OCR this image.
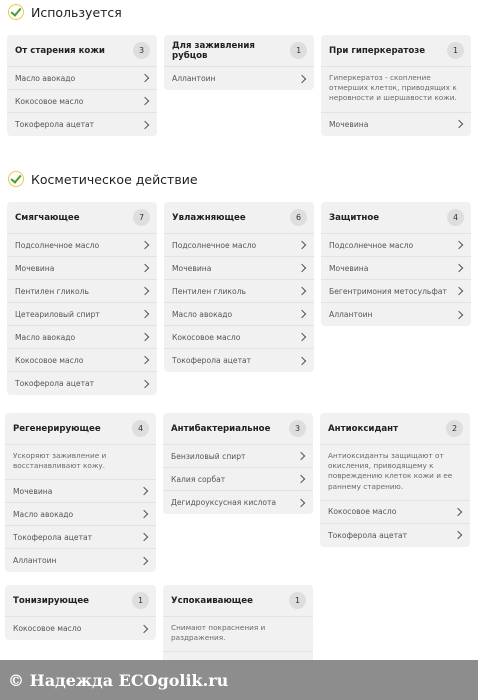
Используется
Косметическое действие
От старения кожи	3
Масло авокадо
Кокосовое масло
Токоферола ацетат
Для заживления рубцов	1
Аллантоин
При гиперкератозе	1
Гиперкератоз - скопление отмерших клеток, приводящих к неровности и шершавости кожи.
Мочевина
Смягчающее	7
Подсолнечное масло
Мочевина
Пентилен гликоль
Цетеариловый спирт
Масло авокадо
Кокосовое масло
Токоферола ацетат
Увлажняющее	6
Подсолнечное масло
Мочевина
Пентилен гликоль
Масло авокадо
Кокосовое масло
Токоферола ацетат
Защитное	4
Подсолнечное масло
Мочевина
Бегентримония метосульфат
Аллантоин
Регенерирующее	4
Ускоряют заживление и восстанавливают кожу.
Мочевина
Масло авокадо
Токоферола ацетат
Аллантоин
Антибактериальное	3
Бензиловый спирт
Калия сорбат
Дегидроуксусная кислота
Антиоксидант	2
Антиоксиданты защищают от окисления, приводящему к повреждению клеток кожи и ее раннему старению.
Кокосовое масло
Токоферола ацетат
Тонизирующее	1
Кокосовое масло
Успокаивающее	1
Снимают покраснения и раздражения.
© Надежда ECOgolik.ru
